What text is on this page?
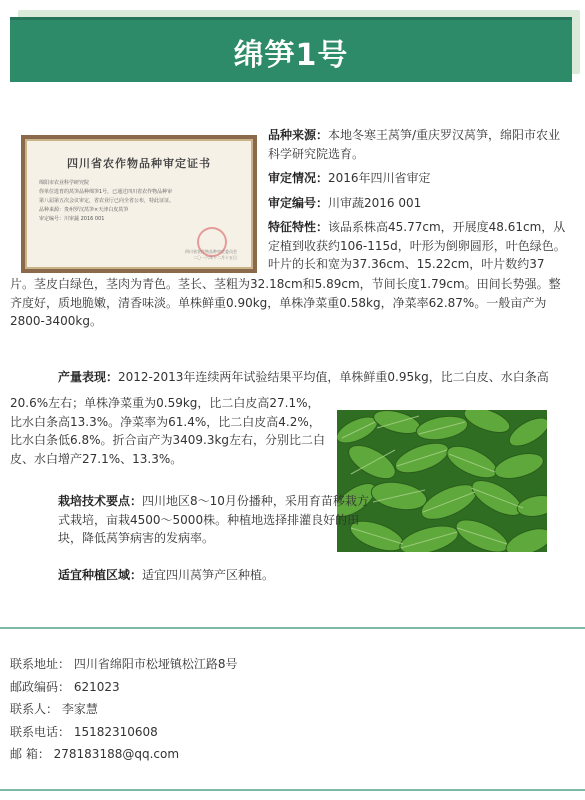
绵笋1号
四川省农作物品种审定证书
绵阳市农业科学研究院
你单位选育的莴笋品种绵笋1号，已通过四川省农作物品种审
第八届第五次会议审定，省农业厅已向全省公布，特此证证。
品种来源：贵州罗汉莴笋×天津白皮莴笋
审定编号：川审蔬 2016 001
四川省农作物品种审定委员会
二〇一六年十二月十五日

品种来源：本地冬寒王莴笋/重庆罗汉莴笋，绵阳市农业科学研究院选育。

审定情况：2016年四川省审定

审定编号：川审蔬2016 001

特征特性：该品系株高45.77cm，开展度48.61cm，从定植到收获约106-115d，叶形为倒卵圆形，叶色绿色。叶片的长和宽为37.36cm、15.22cm，叶片数约37

片。茎皮白绿色，茎肉为青色。茎长、茎粗为32.18cm和5.89cm，节间长度1.79cm。田间长势强。整齐度好，质地脆嫩，清香味淡。单株鲜重0.90kg，单株净菜重0.58kg，净菜率62.87%。一般亩产为2800-3400kg。
产量表现：2012-2013年连续两年试验结果平均值，单株鲜重0.95kg，比二白皮、水白条高
20.6%左右；单株净菜重为0.59kg，比二白皮高27.1%，比水白条高13.3%。净菜率为61.4%，比二白皮高4.2%，比水白条低6.8%。折合亩产为3409.3kg左右，分别比二白皮、水白增产27.1%、13.3%。
栽培技术要点：四川地区8～10月份播种，采用育苗移栽方式栽培，亩栽4500～5000株。种植地选择排灌良好的田块，降低莴笋病害的发病率。
适宜种植区域：适宜四川莴笋产区种植。
联系地址： 四川省绵阳市松垭镇松江路8号
邮政编码： 621023
联系人： 李家慧
联系电话： 15182310608
邮 箱： 278183188@qq.com
